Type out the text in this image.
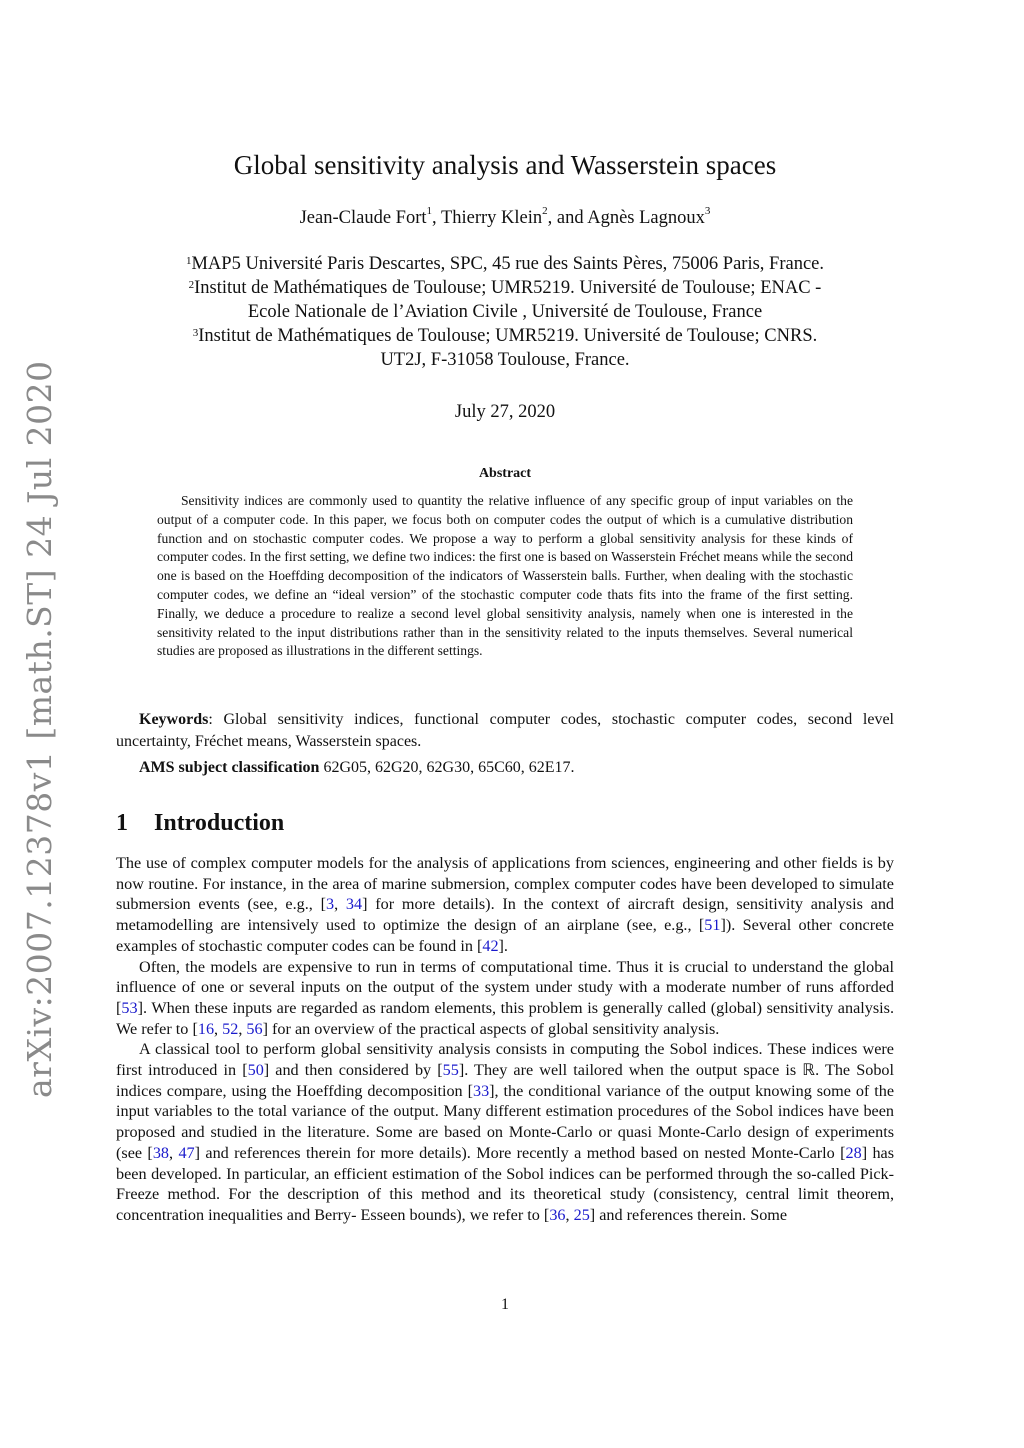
arXiv:2007.12378v1 [math.ST] 24 Jul 2020
Global sensitivity analysis and Wasserstein spaces
Jean-Claude Fort$^1$, Thierry Klein$^2$, and Agnès Lagnoux$^3$
$^1$MAP5 Université Paris Descartes, SPC, 45 rue des Saints Pères, 75006 Paris, France.
$^2$Institut de Mathématiques de Toulouse; UMR5219. Université de Toulouse; ENAC -
Ecole Nationale de l’Aviation Civile , Université de Toulouse, France
$^3$Institut de Mathématiques de Toulouse; UMR5219. Université de Toulouse; CNRS.
UT2J, F-31058 Toulouse, France.
July 27, 2020
Abstract

Sensitivity indices are commonly used to quantity the relative influence of any specific group of input variables on the output of a computer code. In this paper, we focus both on computer codes the output of which is a cumulative distribution function and on stochastic computer codes. We propose a way to perform a global sensitivity analysis for these kinds of computer codes. In the first setting, we define two indices: the first one is based on Wasserstein Fréchet means while the second one is based on the Hoeffding decomposition of the indicators of Wasserstein balls. Further, when dealing with the stochastic computer codes, we define an “ideal version” of the stochastic computer code thats fits into the frame of the first setting. Finally, we deduce a procedure to realize a second level global sensitivity analysis, namely when one is interested in the sensitivity related to the input distributions rather than in the sensitivity related to the inputs themselves. Several numerical studies are proposed as illustrations in the different settings.

Keywords: Global sensitivity indices, functional computer codes, stochastic computer codes, second level uncertainty, Fréchet means, Wasserstein spaces.

AMS subject classification 62G05, 62G20, 62G30, 65C60, 62E17.
1 Introduction

The use of complex computer models for the analysis of applications from sciences, engineering and other fields is by now routine. For instance, in the area of marine submersion, complex computer codes have been developed to simulate submersion events (see, e.g., [3, 34] for more details). In the context of aircraft design, sensitivity analysis and metamodelling are intensively used to optimize the design of an airplane (see, e.g., [51]). Several other concrete examples of stochastic computer codes can be found in [42].

Often, the models are expensive to run in terms of computational time. Thus it is crucial to understand the global influence of one or several inputs on the output of the system under study with a moderate number of runs afforded [53]. When these inputs are regarded as random elements, this problem is generally called (global) sensitivity analysis. We refer to [16, 52, 56] for an overview of the practical aspects of global sensitivity analysis.

A classical tool to perform global sensitivity analysis consists in computing the Sobol indices. These indices were first introduced in [50] and then considered by [55]. They are well tailored when the output space is ℝ. The Sobol indices compare, using the Hoeffding decomposition [33], the conditional variance of the output knowing some of the input variables to the total variance of the output. Many different estimation procedures of the Sobol indices have been proposed and studied in the literature. Some are based on Monte-Carlo or quasi Monte-Carlo design of experiments (see [38, 47] and references therein for more details). More recently a method based on nested Monte-Carlo [28] has been developed. In particular, an efficient estimation of the Sobol indices can be performed through the so-called Pick-Freeze method. For the description of this method and its theoretical study (consistency, central limit theorem, concentration inequalities and Berry- Esseen bounds), we refer to [36, 25] and references therein. Some

1
